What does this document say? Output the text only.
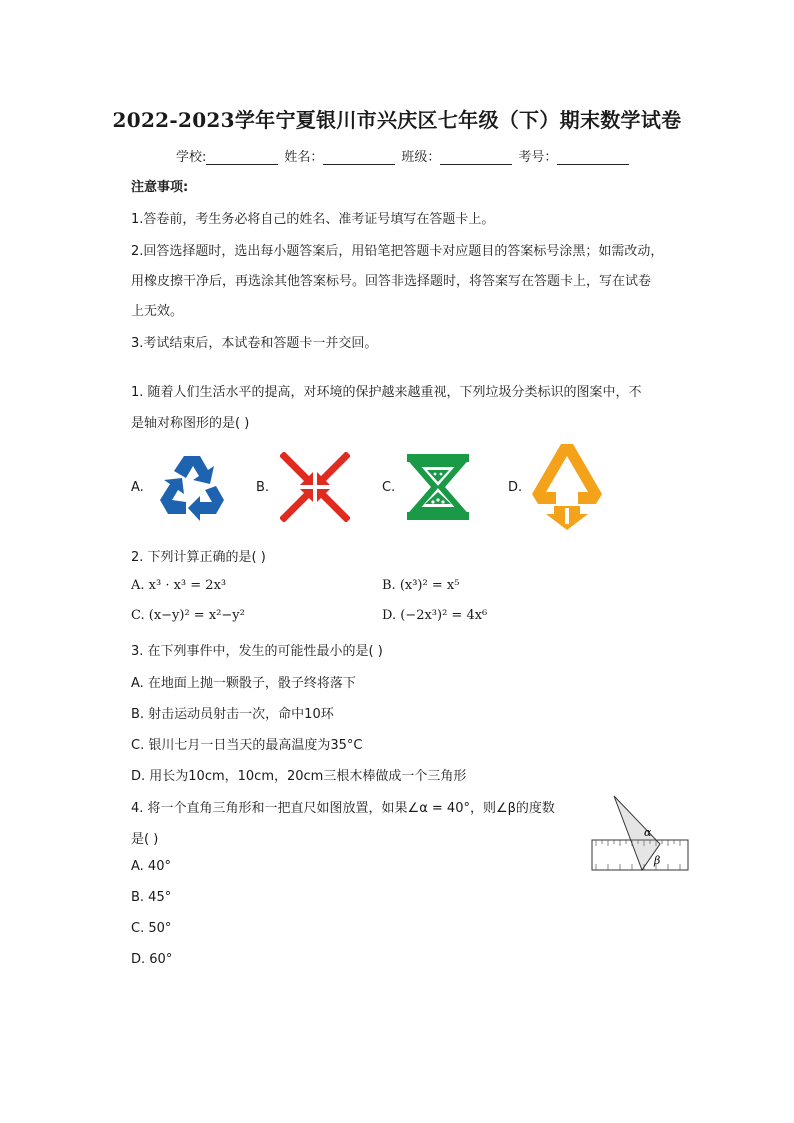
2022-2023学年宁夏银川市兴庆区七年级（下）期末数学试卷
学校:	姓名：	班级：	考号：
注意事项:
1.答卷前，考生务必将自己的姓名、准考证号填写在答题卡上。
2.回答选择题时，选出每小题答案后，用铅笔把答题卡对应题目的答案标号涂黑；如需改动，
用橡皮擦干净后，再选涂其他答案标号。回答非选择题时，将答案写在答题卡上，写在试卷
上无效。
3.考试结束后，本试卷和答题卡一并交回。
1. 随着人们生活水平的提高，对环境的保护越来越重视，下列垃圾分类标识的图案中，不
是轴对称图形的是( )
A.	B.	C.	D.
2. 下列计算正确的是( )
A. x³ · x³ = 2x³	B. (x³)² = x⁵
C. (x−y)² = x²−y²	D. (−2x³)² = 4x⁶
3. 在下列事件中，发生的可能性最小的是( )
A. 在地面上抛一颗骰子，骰子终将落下
B. 射击运动员射击一次，命中10环
C. 银川七月一日当天的最高温度为35°C
D. 用长为10cm，10cm，20cm三根木棒做成一个三角形
4. 将一个直角三角形和一把直尺如图放置，如果∠α = 40°，则∠β的度数
是( )
A. 40°
B. 45°
C. 50°
D. 60°
α
β
